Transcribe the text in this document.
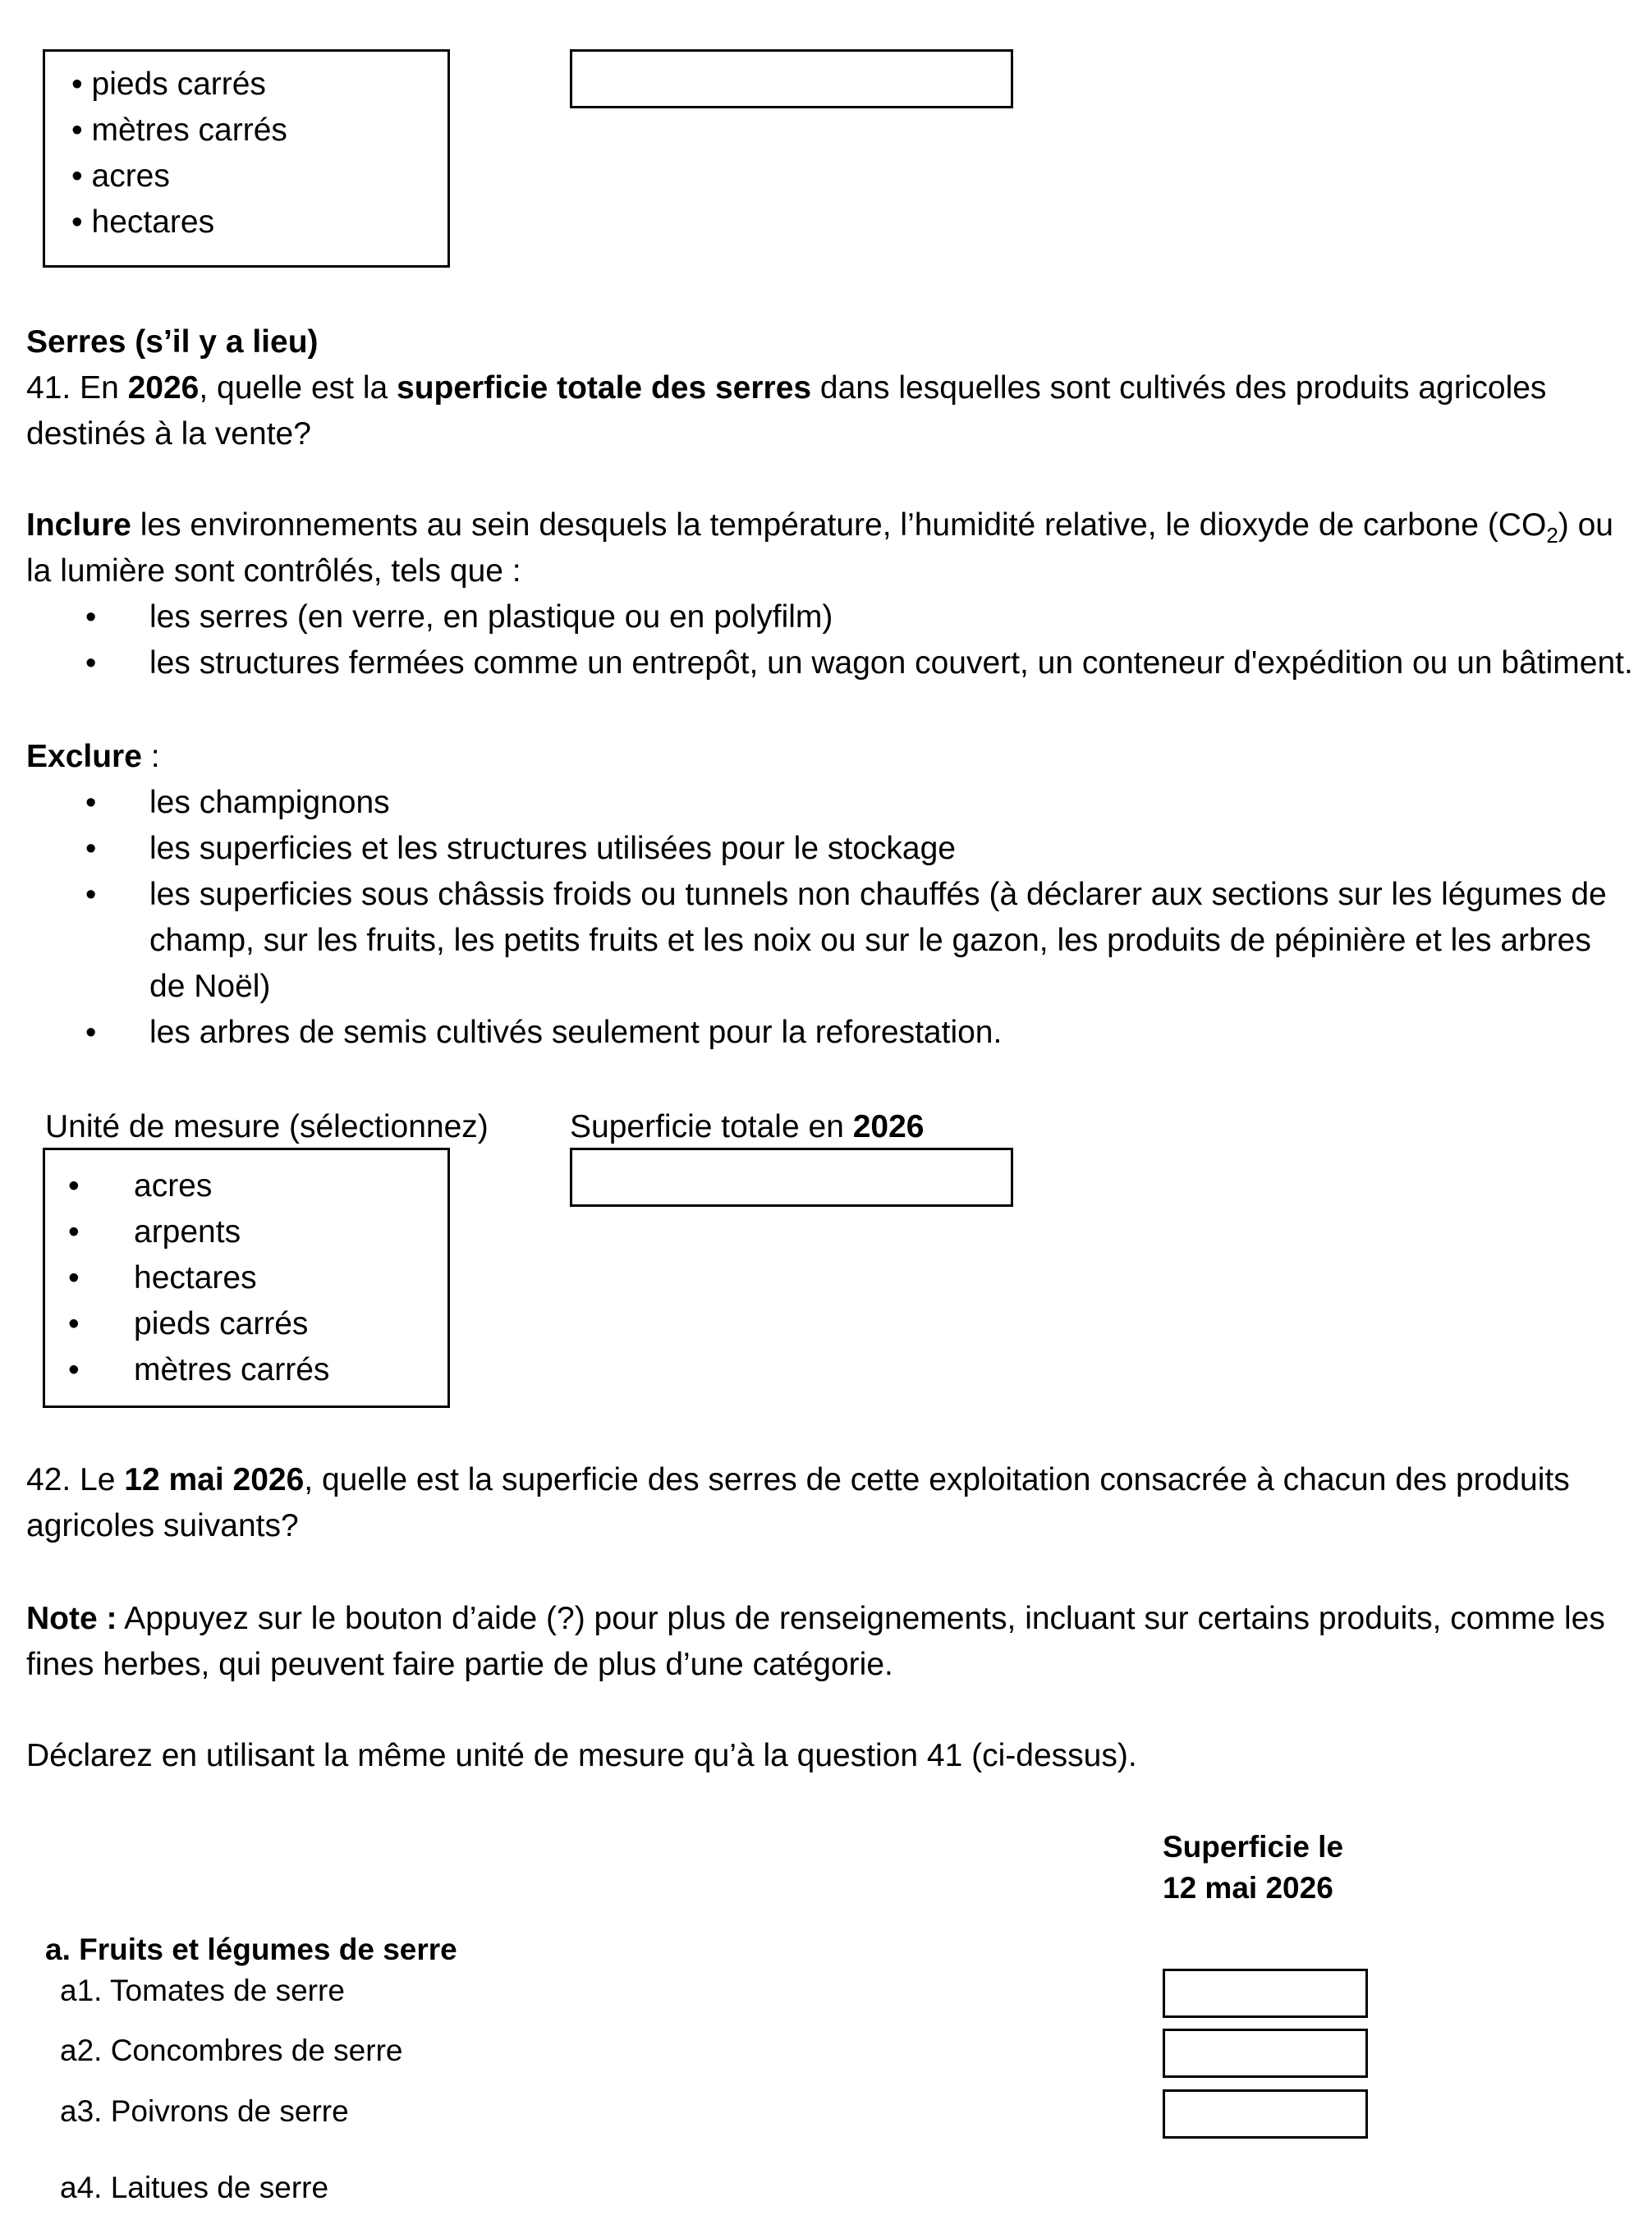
• pieds carrés
• mètres carrés
• acres
• hectares
Serres (s’il y a lieu)

41. En 2026, quelle est la superficie totale des serres dans lesquelles sont cultivés des produits agricoles destinés à la vente?

Inclure les environnements au sein desquels la température, l’humidité relative, le dioxyde de carbone $(CO_2)$ ou la lumière sont contrôlés, tels que :

• les serres (en verre, en plastique ou en polyfilm)
• les structures fermées comme un entrepôt, un wagon couvert, un conteneur d'expédition ou un bâtiment.
Exclure :
• les champignons
• les superficies et les structures utilisées pour le stockage
• les superficies sous châssis froids ou tunnels non chauffés (à déclarer aux sections sur les légumes de champ, sur les fruits, les petits fruits et les noix ou sur le gazon, les produits de pépinière et les arbres de Noël)
• les arbres de semis cultivés seulement pour la reforestation.
Unité de mesure (sélectionnez)	Superficie totale en 2026
• acres
• arpents
• hectares
• pieds carrés
• mètres carrés

42. Le 12 mai 2026, quelle est la superficie des serres de cette exploitation consacrée à chacun des produits agricoles suivants?

Note : Appuyez sur le bouton d’aide (?) pour plus de renseignements, incluant sur certains produits, comme les fines herbes, qui peuvent faire partie de plus d’une catégorie.

Déclarez en utilisant la même unité de mesure qu’à la question 41 (ci-dessus).

Superficie le
12 mai 2026
a. Fruits et légumes de serre
a1. Tomates de serre
a2. Concombres de serre
a3. Poivrons de serre
a4. Laitues de serre
